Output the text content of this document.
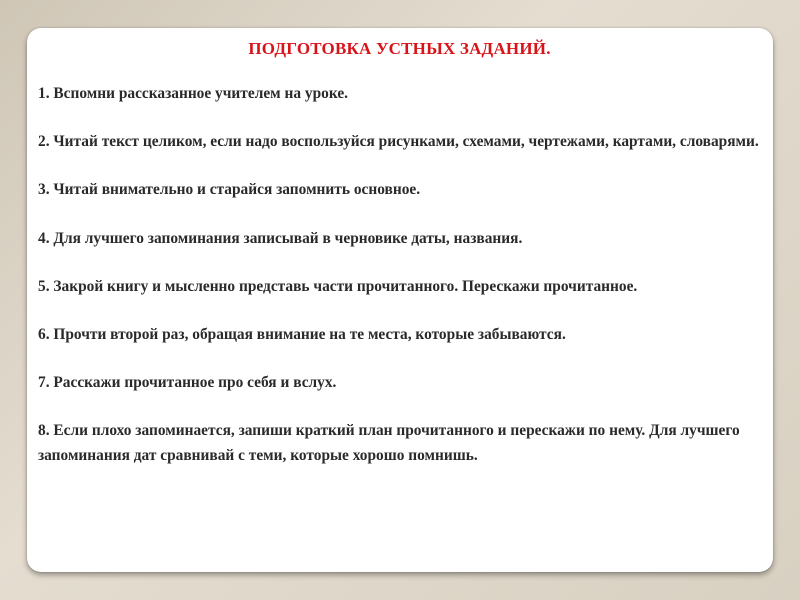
ПОДГОТОВКА УСТНЫХ ЗАДАНИЙ.
1. Вспомни рассказанное учителем на уроке.
2. Читай текст целиком, если надо воспользуйся рисунками, схемами, чертежами, картами, словарями.
3. Читай внимательно и старайся запомнить основное.
4. Для лучшего запоминания записывай в черновике даты, названия.
5. Закрой книгу и мысленно представь части прочитанного. Перескажи прочитанное.
6. Прочти второй раз, обращая внимание на те места, которые забываются.
7. Расскажи прочитанное про себя и вслух.
8. Если плохо запоминается, запиши краткий план прочитанного и перескажи по нему. Для лучшего запоминания дат сравнивай с теми, которые хорошо помнишь.
